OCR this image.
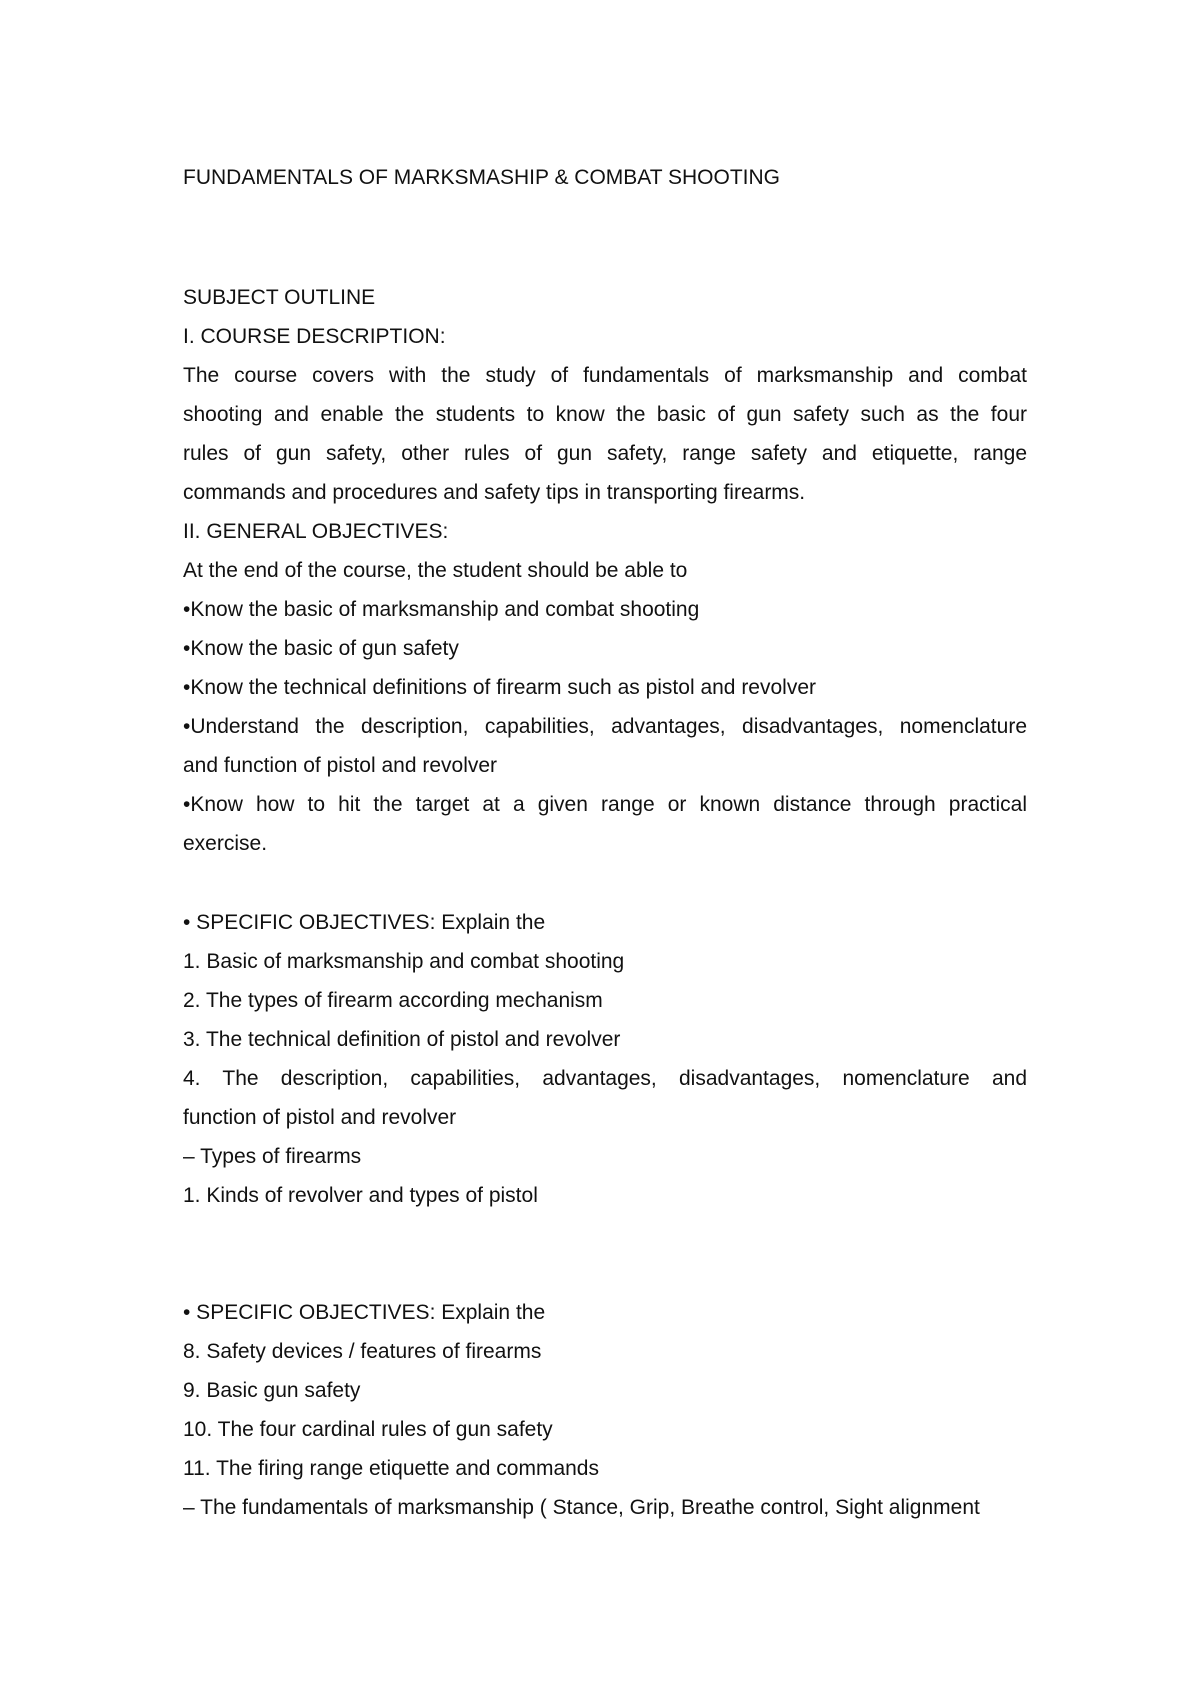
FUNDAMENTALS OF MARKSMASHIP & COMBAT SHOOTING
SUBJECT OUTLINE
I. COURSE DESCRIPTION:
The course covers with the study of fundamentals of marksmanship and combat
shooting and enable the students to know the basic of gun safety such as the four
rules of gun safety, other rules of gun safety, range safety and etiquette, range
commands and procedures and safety tips in transporting firearms.
II. GENERAL OBJECTIVES:
At the end of the course, the student should be able to
•Know the basic of marksmanship and combat shooting
•Know the basic of gun safety
•Know the technical definitions of firearm such as pistol and revolver
•Understand the description, capabilities, advantages, disadvantages, nomenclature
and function of pistol and revolver
•Know how to hit the target at a given range or known distance through practical
exercise.
• SPECIFIC OBJECTIVES: Explain the
1. Basic of marksmanship and combat shooting
2. The types of firearm according mechanism
3. The technical definition of pistol and revolver
4. The description, capabilities, advantages, disadvantages, nomenclature and
function of pistol and revolver
– Types of firearms
1. Kinds of revolver and types of pistol
• SPECIFIC OBJECTIVES: Explain the
8. Safety devices / features of firearms
9. Basic gun safety
10. The four cardinal rules of gun safety
11. The firing range etiquette and commands
– The fundamentals of marksmanship ( Stance, Grip, Breathe control, Sight alignment
